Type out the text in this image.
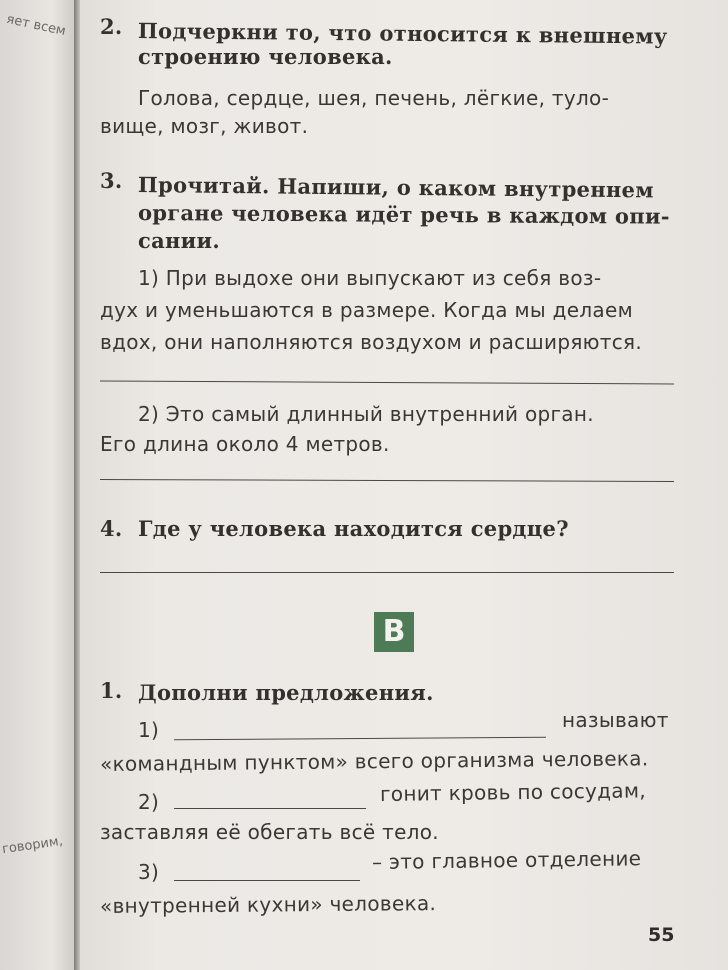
яет всем
говорим,
2. Подчеркни то, что относится к внешнему
строению человека.
Голова, сердце, шея, печень, лёгкие, туло-
вище, мозг, живот.
3. Прочитай. Напиши, о каком внутреннем
органе человека идёт речь в каждом опи-
сании.
1) При выдохе они выпускают из себя воз-
дух и уменьшаются в размере. Когда мы делаем
вдох, они наполняются воздухом и расширяются.
2) Это самый длинный внутренний орган.
Его длина около 4 метров.
4. Где у человека находится сердце?
В
1. Дополни предложения.
1)	называют
«командным пунктом» всего организма человека.
2)	гонит кровь по сосудам,
заставляя её обегать всё тело.
3)	– это главное отделение
«внутренней кухни» человека.
55
